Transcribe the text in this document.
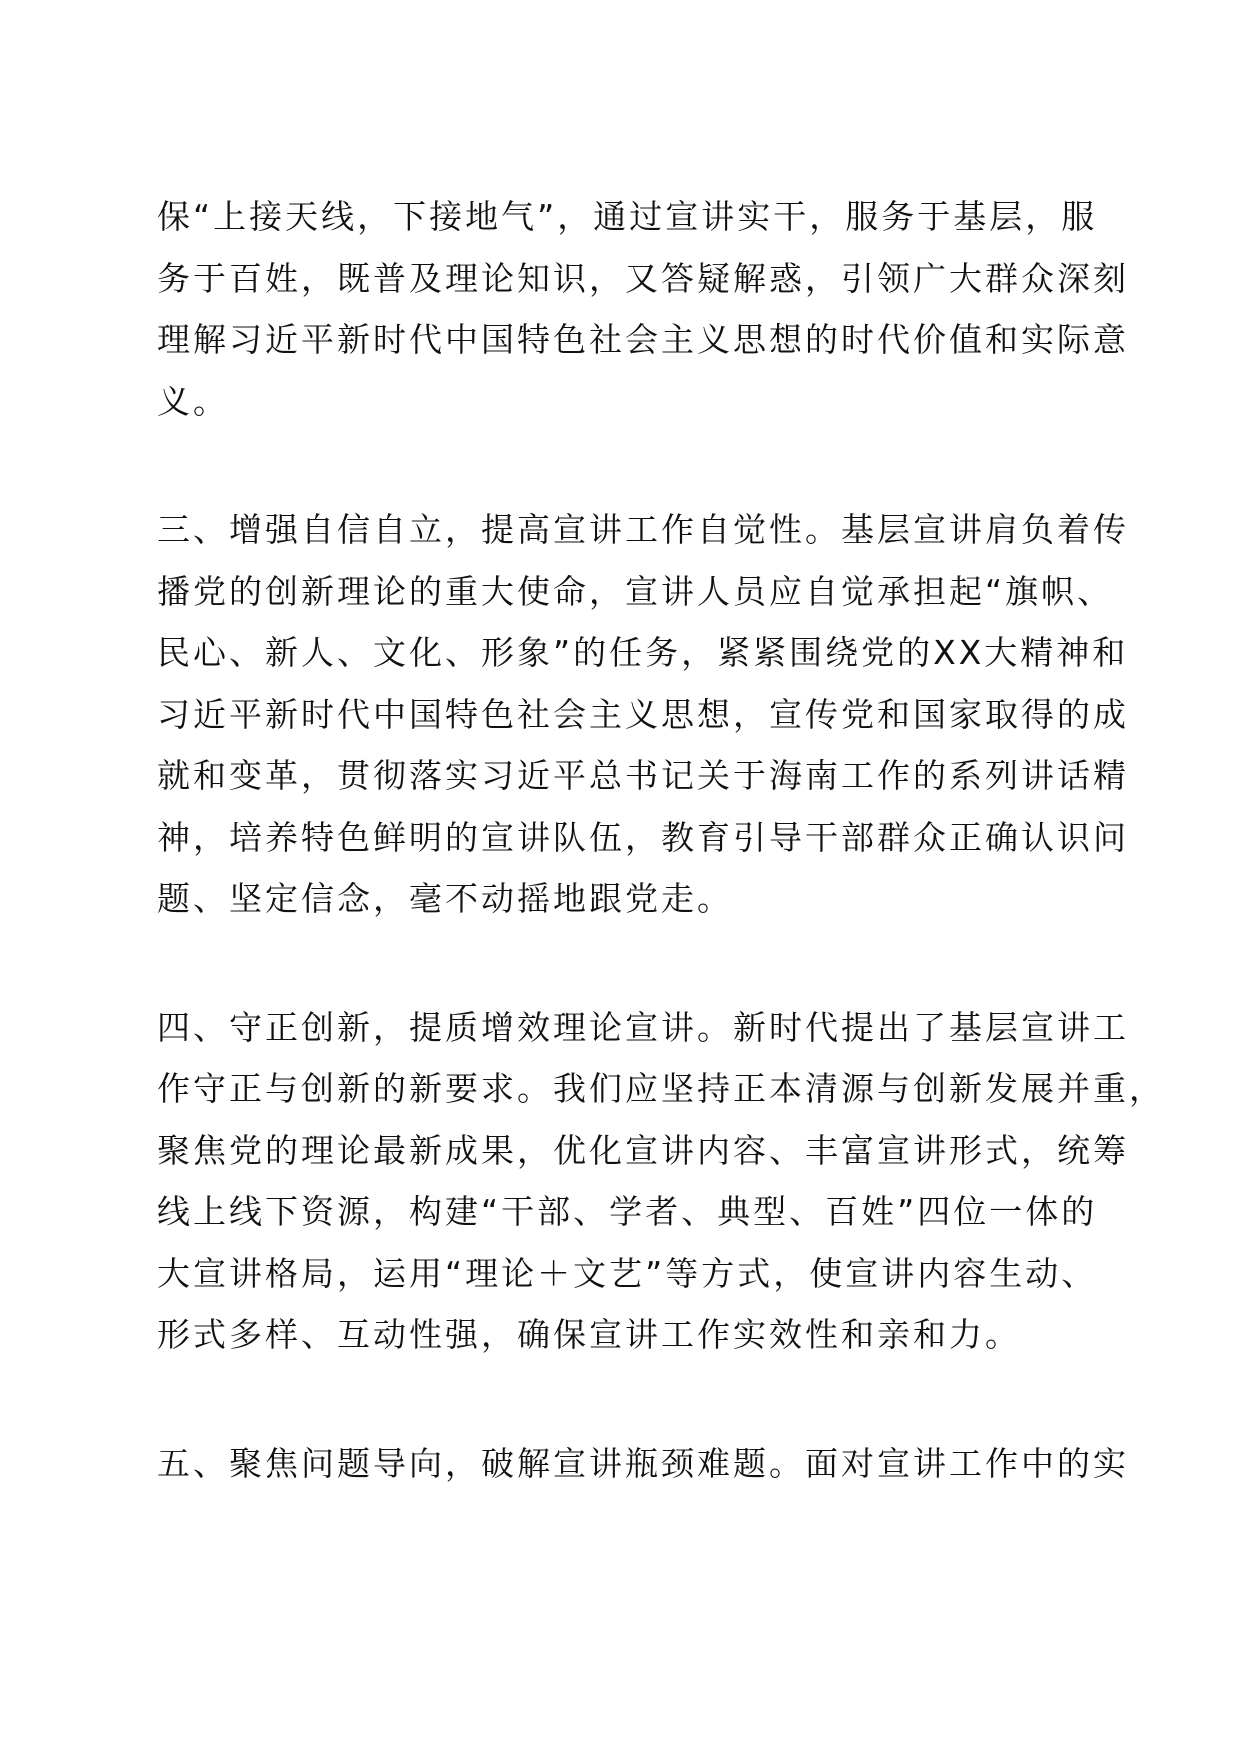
保“上接天线，下接地气”，通过宣讲实干，服务于基层，服
务于百姓，既普及理论知识，又答疑解惑，引领广大群众深刻
理解习近平新时代中国特色社会主义思想的时代价值和实际意
义。
三、增强自信自立，提高宣讲工作自觉性。基层宣讲肩负着传
播党的创新理论的重大使命，宣讲人员应自觉承担起“旗帜、
民心、新人、文化、形象”的任务，紧紧围绕党的XX大精神和
习近平新时代中国特色社会主义思想，宣传党和国家取得的成
就和变革，贯彻落实习近平总书记关于海南工作的系列讲话精
神，培养特色鲜明的宣讲队伍，教育引导干部群众正确认识问
题、坚定信念，毫不动摇地跟党走。
四、守正创新，提质增效理论宣讲。新时代提出了基层宣讲工
作守正与创新的新要求。我们应坚持正本清源与创新发展并重，
聚焦党的理论最新成果，优化宣讲内容、丰富宣讲形式，统筹
线上线下资源，构建“干部、学者、典型、百姓”四位一体的
大宣讲格局，运用“理论＋文艺”等方式，使宣讲内容生动、
形式多样、互动性强，确保宣讲工作实效性和亲和力。
五、聚焦问题导向，破解宣讲瓶颈难题。面对宣讲工作中的实
